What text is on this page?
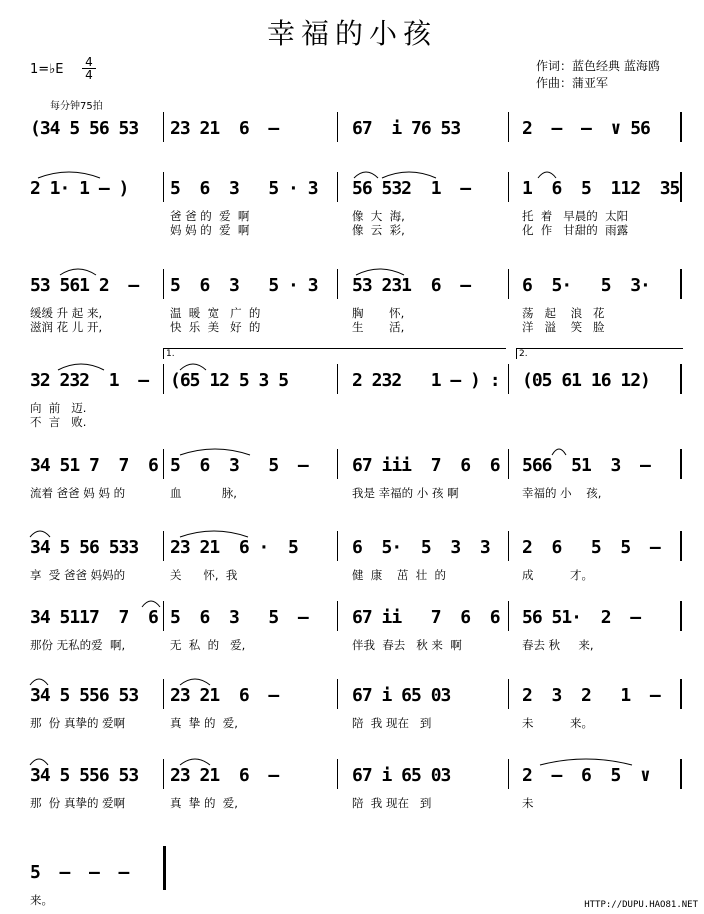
幸福的小孩
作词：蓝色经典 蓝海鸥
作曲：蒲亚军
1=♭E $\frac{4}{4}$
每分钟75拍
(34 5 56 53 23 21  6  –	67  i 76 53	2  –  –  ∨ 56
2 1· 1 – ) 5  6  3   5 · 3
爸 爸 的  爱  啊
妈 妈 的  爱  啊
56 532  1  –
像  大  海,
像  云  彩,
1  6  5  112  35
托  着   早晨的  太阳
化  作   甘甜的  雨露
53 561 2  –
缓缓 升 起 来,
滋润 花 儿 开,
5  6  3   5 · 3
温  暖  宽   广  的
快  乐  美   好  的
53 231  6  –
胸       怀,
生       活,
6  5·   5  3·
荡   起    浪   花
洋   溢    笑   脸
32 232  1  –
向  前   迈.
不  言   败.
(65 12 5 3 5	2 232   1 – ) : (05 61 16 12)
1.	2.
34 51 7  7  6
流着 爸爸 妈 妈 的
5  6  3   5  –
血           脉,
67 iii  7  6  6
我是 幸福的 小 孩 啊
566  51  3  –
幸福的 小    孩,
34 5 56 533
享  受 爸爸 妈妈的
23 21  6 ·  5
关      怀,  我
6  5·  5  3  3
健  康    茁  壮  的
2  6   5  5  –
成          才。
34 5117  7  6
那份 无私的爱  啊,
5  6  3   5  –
无  私  的   爱,
67 ii   7  6  6
伴我  春去   秋 来  啊
56 51·  2  –
春去 秋     来,
34 5 556 53
那  份 真挚的 爱啊
23 21  6  –
真  挚 的  爱,
67 i 65 03
陪  我 现在   到
2  3  2   1  –
未          来。
34 5 556 53
那  份 真挚的 爱啊
23 21  6  –
真  挚 的  爱,
67 i 65 03
陪  我 现在   到
2  –  6  5  ∨
未
5  –  –  –
来。	HTTP://DUPU.HAO81.NET
